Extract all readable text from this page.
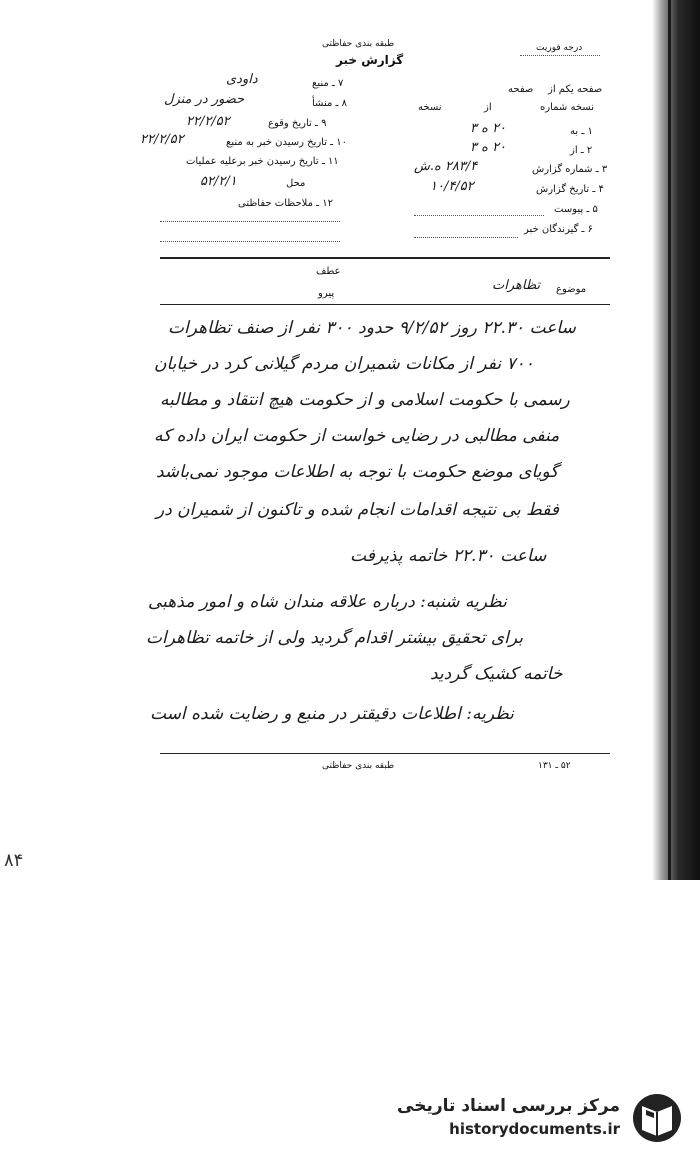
طبقه بندی حفاظتی
گزارش خبر
درجه فوریت
۷ ـ منبع
داودی
۸ ـ منشأ
حضور در منزل
۹ ـ تاریخ وقوع
۲۲/۲/۵۲
۱۰ ـ تاریخ رسیدن خبر به منبع
۲۲/۲/۵۲
۱۱ ـ تاریخ رسیدن خبر برعلیه عملیات
محل
۵۲/۲/۱
۱۲ ـ ملاحظات حفاظتی
صفحه یکم از
صفحه
نسخه شماره
از
نسخه
۱ ـ به
۲۰ ه ۳
۲ ـ از
۲۰ ه ۳
۳ ـ شماره گزارش
۲۸۳/۴ ه.ش
۴ ـ تاریخ گزارش
۱۰/۴/۵۲
۵ ـ پیوست
۶ ـ گیرندگان خبر
عطف
پیرو	موضوع
تظاهرات
ساعت ۲۲.۳۰ روز ۹/۲/۵۲ حدود ۳۰۰ نفر از صنف تظاهرات
۷۰۰ نفر از مکانات شمیران مردم گیلانی کرد در خیابان
رسمی با حکومت اسلامی و از حکومت هیچ انتقاد و مطالبه
منفی مطالبی در رضایی خواست از حکومت ایران داده که
گویای موضع حکومت با توجه به اطلاعات موجود نمی‌باشد
فقط بی نتیجه اقدامات انجام شده و تاکنون از شمیران در
ساعت ۲۲.۳۰ خاتمه پذیرفت
نظریه شنبه: درباره علاقه مندان شاه و امور مذهبی
برای تحقیق بیشتر اقدام گردید ولی از خاتمه تظاهرات
خاتمه کشیک گردید
نظریه: اطلاعات دقیقتر در منبع و رضایت شده است
طبقه بندی حفاظتی	۵۲ ـ ۱۳۱
۸۴
مرکز بررسی اسناد تاریخی
historydocuments.ir
